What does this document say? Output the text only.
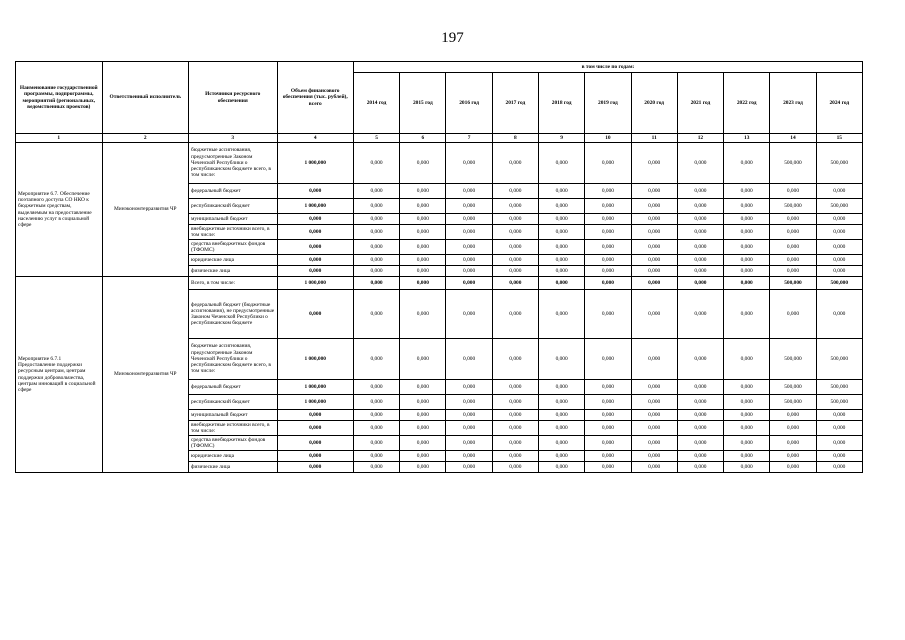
197
Наименование государственной программы, подпрограммы, мероприятий (региональных, ведомственных проектов)	Ответственный исполнитель	Источники ресурсного обеспечения	Объем финансового обеспечения (тыс. рублей), всего	в том числе по годам:										
				2014 год	2015 год	2016 год	2017 год	2018 год	2019 год	2020 год	2021 год	2022 год	2023 год	2024 год
1	2	3	4	5	6	7	8	9	10	11	12	13	14	15
Мероприятие 6.7. Обеспечение поэтапного доступа СО НКО к бюджетным средствам, выделяемым на предоставление населению услуг в социальной сфере	Минэкономтерразвития ЧР	бюджетные ассигнования, предусмотренные Законом Чеченской Республики о республиканском бюджете всего, в том числе:	1 000,000	0,000	0,000	0,000	0,000	0,000	0,000	0,000	0,000	0,000	500,000	500,000
		федеральный бюджет	0,000	0,000	0,000	0,000	0,000	0,000	0,000	0,000	0,000	0,000	0,000	0,000
		республиканский бюджет	1 000,000	0,000	0,000	0,000	0,000	0,000	0,000	0,000	0,000	0,000	500,000	500,000
		муниципальный бюджет	0,000	0,000	0,000	0,000	0,000	0,000	0,000	0,000	0,000	0,000	0,000	0,000
		внебюджетные источники всего, в том числе:	0,000	0,000	0,000	0,000	0,000	0,000	0,000	0,000	0,000	0,000	0,000	0,000
		средства внебюджетных фондов (ТФОМС)	0,000	0,000	0,000	0,000	0,000	0,000	0,000	0,000	0,000	0,000	0,000	0,000
		юридические лица	0,000	0,000	0,000	0,000	0,000	0,000	0,000	0,000	0,000	0,000	0,000	0,000
		физические лица	0,000	0,000	0,000	0,000	0,000	0,000	0,000	0,000	0,000	0,000	0,000	0,000
Мероприятие 6.7.1 Предоставление поддержки ресурсным центрам, центрам поддержки добровольчества, центрам инноваций в социальной сфере	Минэкономтерразвития ЧР	Всего, в том числе:	1 000,000	0,000	0,000	0,000	0,000	0,000	0,000	0,000	0,000	0,000	500,000	500,000
		федеральный бюджет (бюджетные ассигнования), не предусмотренные Законом Чеченской Республики о республиканском бюджете	0,000	0,000	0,000	0,000	0,000	0,000	0,000	0,000	0,000	0,000	0,000	0,000
		бюджетные ассигнования, предусмотренные Законом Чеченской Республики о республиканском бюджете всего, в том числе:	1 000,000	0,000	0,000	0,000	0,000	0,000	0,000	0,000	0,000	0,000	500,000	500,000
		федеральный бюджет	1 000,000	0,000	0,000	0,000	0,000	0,000	0,000	0,000	0,000	0,000	500,000	500,000
		республиканский бюджет	1 000,000	0,000	0,000	0,000	0,000	0,000	0,000	0,000	0,000	0,000	500,000	500,000
		муниципальный бюджет	0,000	0,000	0,000	0,000	0,000	0,000	0,000	0,000	0,000	0,000	0,000	0,000
		внебюджетные источники всего, в том числе:	0,000	0,000	0,000	0,000	0,000	0,000	0,000	0,000	0,000	0,000	0,000	0,000
		средства внебюджетных фондов (ТФОМС)	0,000	0,000	0,000	0,000	0,000	0,000	0,000	0,000	0,000	0,000	0,000	0,000
		юридические лица	0,000	0,000	0,000	0,000	0,000	0,000	0,000	0,000	0,000	0,000	0,000	0,000
		физические лица	0,000	0,000	0,000	0,000	0,000	0,000	0,000	0,000	0,000	0,000	0,000	0,000
